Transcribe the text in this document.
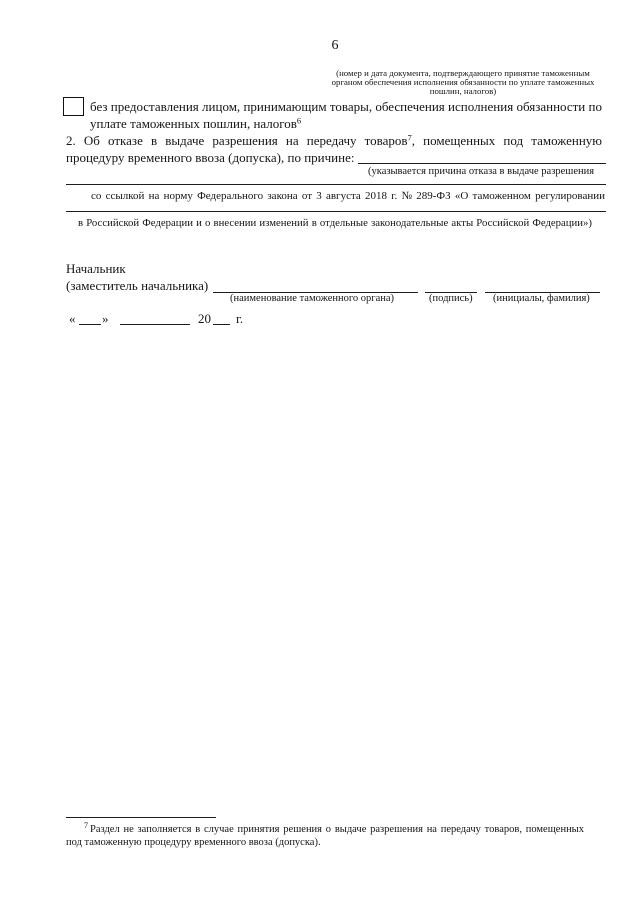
6
(номер и дата документа, подтверждающего принятие таможенным
органом обеспечения исполнения обязанности по уплате таможенных
пошлин, налогов)
без предоставления лицом, принимающим товары, обеспечения исполнения обязанности по
уплате таможенных пошлин, налогов$^6$
2. Об отказе в выдаче разрешения на передачу товаров$^7$, помещенных под таможенную
процедуру временного ввоза (допуска), по причине:
(указывается причина отказа в выдаче разрешения
со ссылкой на норму Федерального закона от 3 августа 2018 г. № 289-ФЗ «О таможенном регулировании
в Российской Федерации и о внесении изменений в отдельные законодательные акты Российской Федерации»)
Начальник
(заместитель начальника)
(наименование таможенного органа)	(подпись)	(инициалы, фамилия)
« »	20 г.
7 Раздел не заполняется в случае принятия решения о выдаче разрешения на передачу товаров, помещенных
под таможенную процедуру временного ввоза (допуска).
